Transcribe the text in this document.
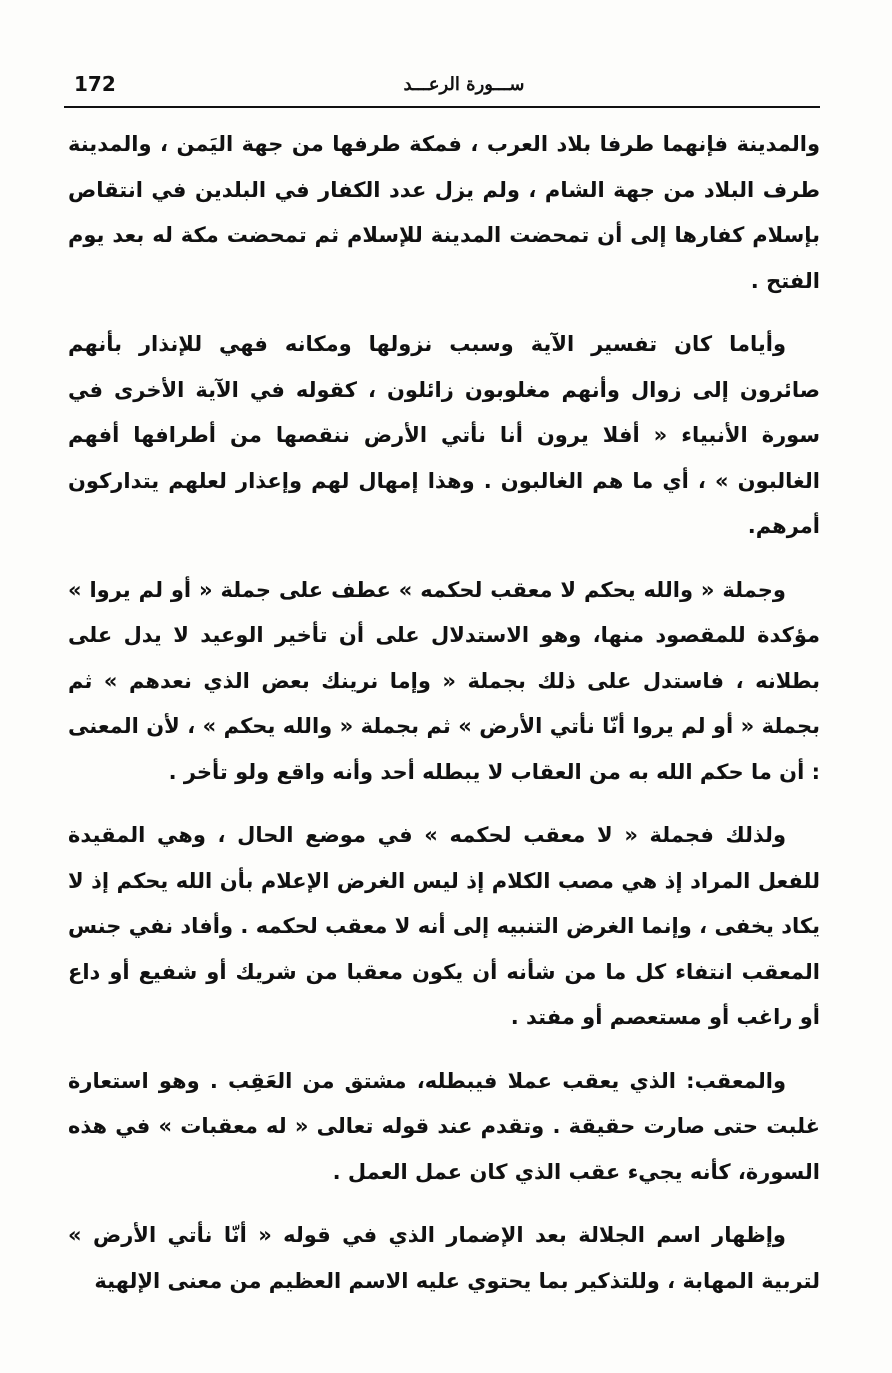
172	ســـورة الرعـــد

والمدينة فإنهما طرفا بلاد العرب ، فمكة طرفها من جهة اليَمن ، والمدينة طرف البلاد من جهة الشام ، ولم يزل عدد الكفار في البلدين في انتقاص بإسلام كفارها إلى أن تمحضت المدينة للإسلام ثم تمحضت مكة له بعد يوم الفتح .

وأياما كان تفسير الآية وسبب نزولها ومكانه فهي للإنذار بأنهم صائرون إلى زوال وأنهم مغلوبون زائلون ، كقوله في الآية الأخرى في سورة الأنبياء « أفلا يرون أنا نأتي الأرض ننقصها من أطرافها أفهم الغالبون » ، أي ما هم الغالبون . وهذا إمهال لهم وإعذار لعلهم يتداركون أمرهم.

وجملة « والله يحكم لا معقب لحكمه » عطف على جملة « أو لم يروا » مؤكدة للمقصود منها، وهو الاستدلال على أن تأخير الوعيد لا يدل على بطلانه ، فاستدل على ذلك بجملة « وإما نرينك بعض الذي نعدهم » ثم بجملة « أو لم يروا أنّا نأتي الأرض » ثم بجملة « والله يحكم » ، لأن المعنى : أن ما حكم الله به من العقاب لا يبطله أحد وأنه واقع ولو تأخر .

ولذلك فجملة « لا معقب لحكمه » في موضع الحال ، وهي المقيدة للفعل المراد إذ هي مصب الكلام إذ ليس الغرض الإعلام بأن الله يحكم إذ لا يكاد يخفى ، وإنما الغرض التنبيه إلى أنه لا معقب لحكمه . وأفاد نفي جنس المعقب انتفاء كل ما من شأنه أن يكون معقبا من شريك أو شفيع أو داع أو راغب أو مستعصم أو مفتد .

والمعقب: الذي يعقب عملا فيبطله، مشتق من العَقِب . وهو استعارة غلبت حتى صارت حقيقة . وتقدم عند قوله تعالى « له معقبات » في هذه السورة، كأنه يجيء عقب الذي كان عمل العمل .

وإظهار اسم الجلالة بعد الإضمار الذي في قوله « أنّا نأتي الأرض » لتربية المهابة ، وللتذكير بما يحتوي عليه الاسم العظيم من معنى الإلهية
